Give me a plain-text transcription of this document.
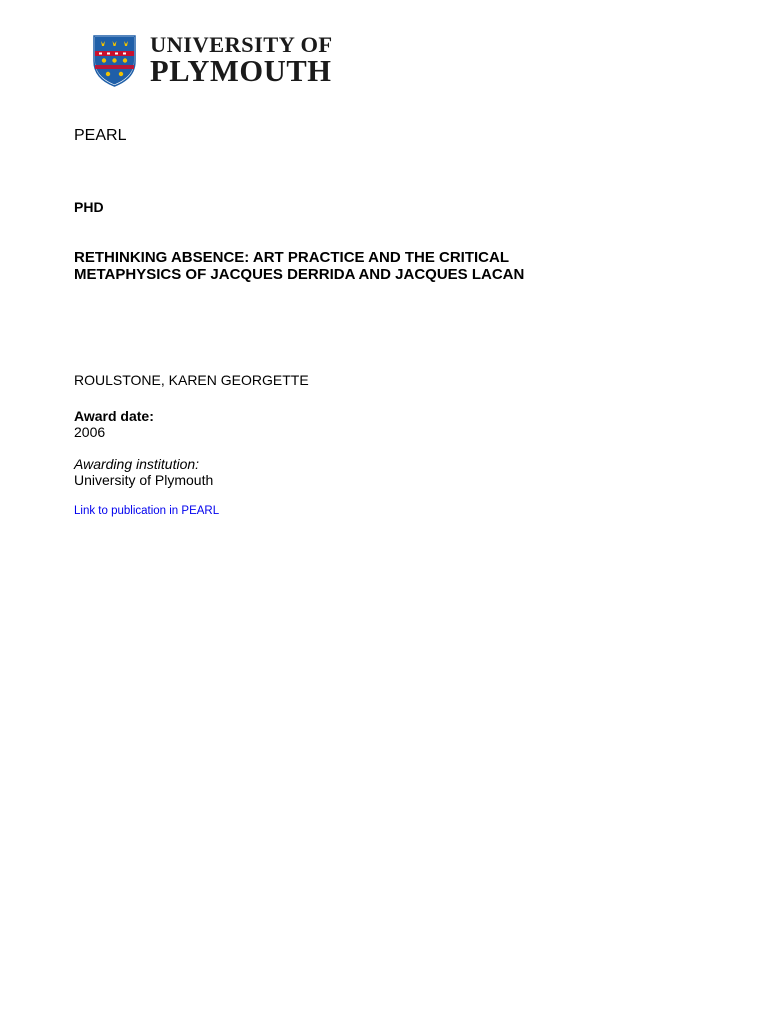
UNIVERSITY OF
PLYMOUTH
PEARL
PHD
RETHINKING ABSENCE: ART PRACTICE AND THE CRITICAL
METAPHYSICS OF JACQUES DERRIDA AND JACQUES LACAN
ROULSTONE, KAREN GEORGETTE
Award date:
2006
Awarding institution:
University of Plymouth
Link to publication in PEARL
